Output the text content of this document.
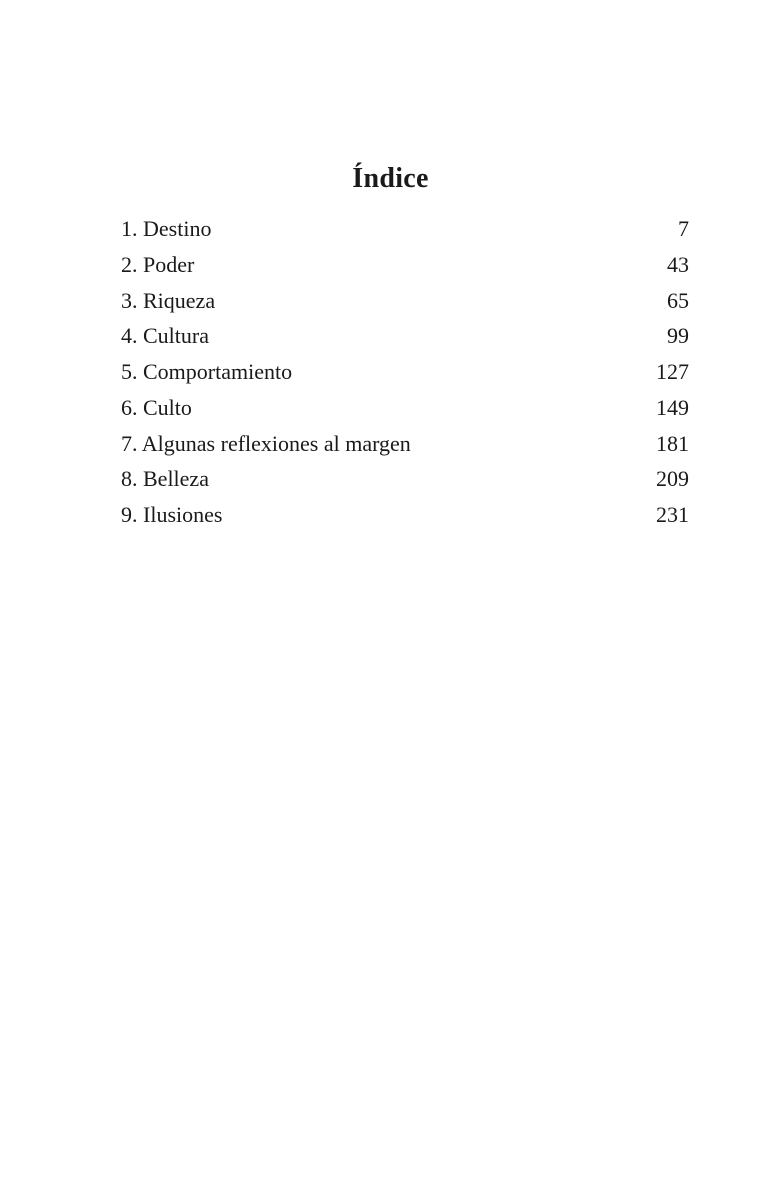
Índice
1. Destino	7
2. Poder	43
3. Riqueza	65
4. Cultura	99
5. Comportamiento	127
6. Culto	149
7. Algunas reflexiones al margen	181
8. Belleza	209
9. Ilusiones	231
